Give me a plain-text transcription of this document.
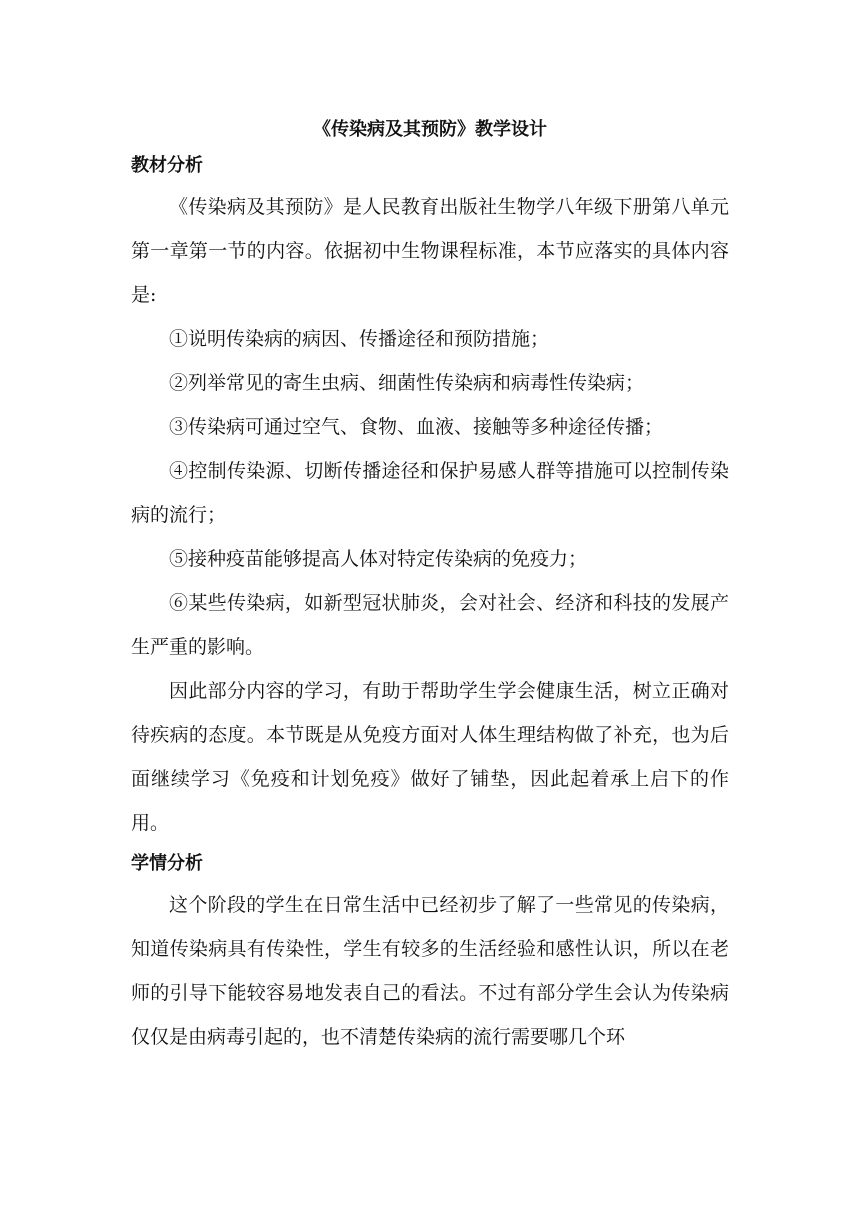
《传染病及其预防》教学设计
教材分析

《传染病及其预防》是人民教育出版社生物学八年级下册第八单元第一章第一节的内容。依据初中生物课程标准，本节应落实的具体内容是:

①说明传染病的病因、传播途径和预防措施；

②列举常见的寄生虫病、细菌性传染病和病毒性传染病；

③传染病可通过空气、食物、血液、接触等多种途径传播；

④控制传染源、切断传播途径和保护易感人群等措施可以控制传染病的流行；

⑤接种疫苗能够提高人体对特定传染病的免疫力；

⑥某些传染病，如新型冠状肺炎，会对社会、经济和科技的发展产生严重的影响。

因此部分内容的学习，有助于帮助学生学会健康生活，树立正确对待疾病的态度。本节既是从免疫方面对人体生理结构做了补充，也为后面继续学习《免疫和计划免疫》做好了铺垫，因此起着承上启下的作用。

学情分析

这个阶段的学生在日常生活中已经初步了解了一些常见的传染病，知道传染病具有传染性，学生有较多的生活经验和感性认识，所以在老师的引导下能较容易地发表自己的看法。不过有部分学生会认为传染病仅仅是由病毒引起的，也不清楚传染病的流行需要哪几个环
